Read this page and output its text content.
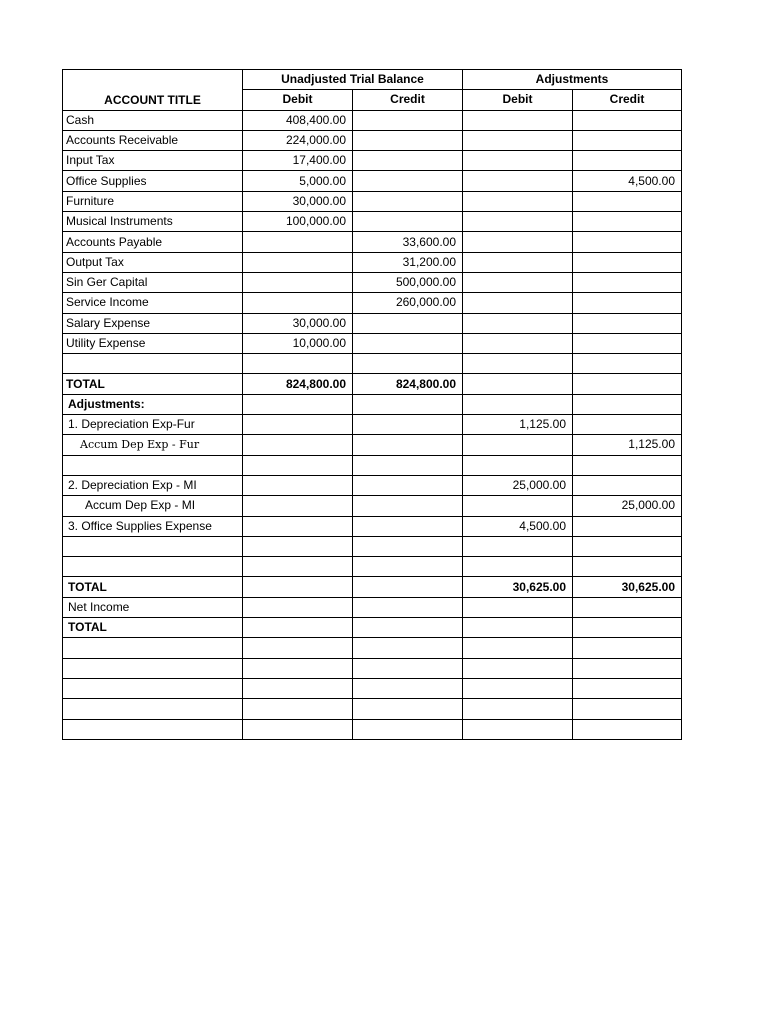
ACCOUNT TITLE	Unadjusted Trial Balance		Adjustments	
	Debit	Credit	Debit	Credit
Cash	408,400.00			
Accounts Receivable	224,000.00			
Input Tax	17,400.00			
Office Supplies	5,000.00			4,500.00
Furniture	30,000.00			
Musical Instruments	100,000.00			
Accounts Payable		33,600.00		
Output Tax		31,200.00		
Sin Ger Capital		500,000.00		
Service Income		260,000.00		
Salary Expense	30,000.00			
Utility Expense	10,000.00			

TOTAL	824,800.00	824,800.00		
Adjustments:				
1. Depreciation Exp-Fur			1,125.00	
Accum Dep Exp - Fur				1,125.00

2. Depreciation Exp - MI			25,000.00	
Accum Dep Exp - MI				25,000.00
3. Office Supplies Expense			4,500.00	

TOTAL			30,625.00	30,625.00
Net Income				
TOTAL				
